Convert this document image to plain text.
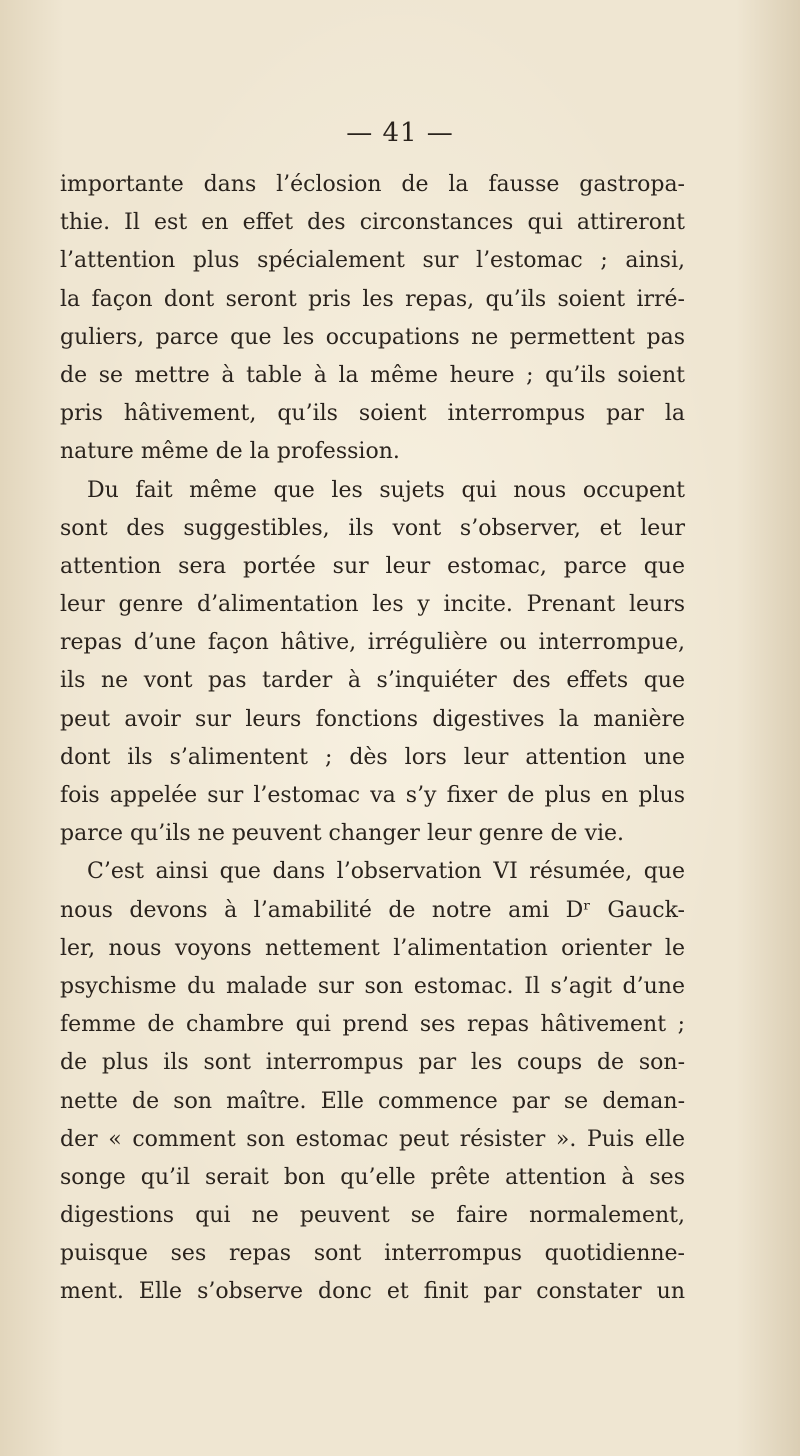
— 41 —
importante dans l’éclosion de la fausse gastropa-
thie. Il est en effet des circonstances qui attireront
l’attention plus spécialement sur l’estomac ; ainsi,
la façon dont seront pris les repas, qu’ils soient irré-
guliers, parce que les occupations ne permettent pas
de se mettre à table à la même heure ; qu’ils soient
pris hâtivement, qu’ils soient interrompus par la
nature même de la profession.
Du fait même que les sujets qui nous occupent
sont des suggestibles, ils vont s’observer, et leur
attention sera portée sur leur estomac, parce que
leur genre d’alimentation les y incite. Prenant leurs
repas d’une façon hâtive, irrégulière ou interrompue,
ils ne vont pas tarder à s’inquiéter des effets que
peut avoir sur leurs fonctions digestives la manière
dont ils s’alimentent ; dès lors leur attention une
fois appelée sur l’estomac va s’y fixer de plus en plus
parce qu’ils ne peuvent changer leur genre de vie.
C’est ainsi que dans l’observation VI résumée, que
nous devons à l’amabilité de notre ami Dʳ Gauck-
ler, nous voyons nettement l’alimentation orienter le
psychisme du malade sur son estomac. Il s’agit d’une
femme de chambre qui prend ses repas hâtivement ;
de plus ils sont interrompus par les coups de son-
nette de son maître. Elle commence par se deman-
der « comment son estomac peut résister ». Puis elle
songe qu’il serait bon qu’elle prête attention à ses
digestions qui ne peuvent se faire normalement,
puisque ses repas sont interrompus quotidienne-
ment. Elle s’observe donc et finit par constater un
